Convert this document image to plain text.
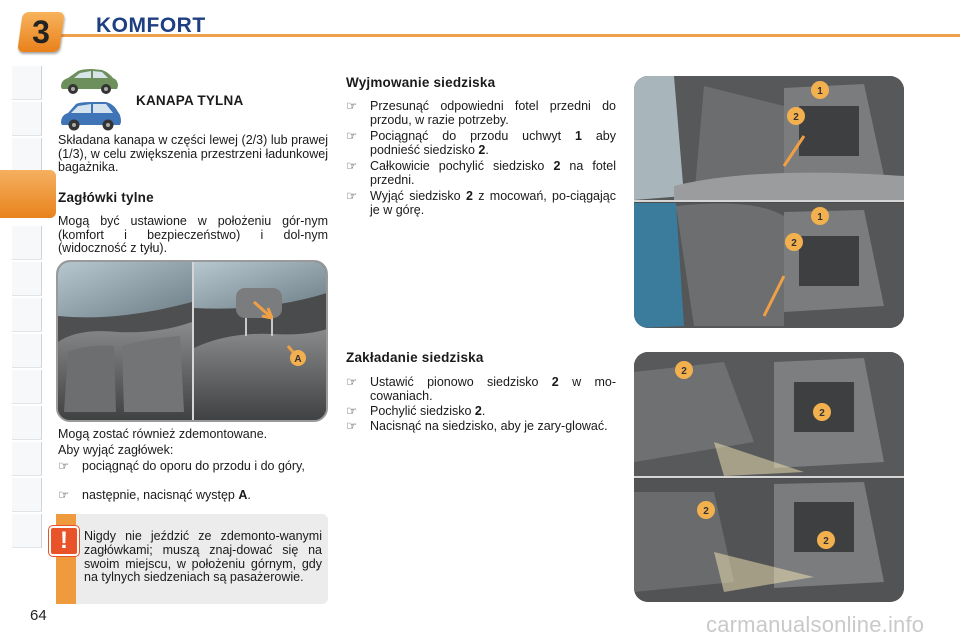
3	KOMFORT
KANAPA TYLNA
Składana kanapa w części lewej (2/3) lub prawej (1/3), w celu zwiększenia przestrzeni ładunkowej bagażnika.
Zagłówki tylne
Mogą być ustawione w położeniu gór-nym (komfort i bezpieczeństwo) i dol-nym (widoczność z tyłu).
A
Mogą zostać również zdemontowane.
Aby wyjąć zagłówek:
☞ pociągnąć do oporu do przodu i do góry,
☞ następnie, nacisnąć występ A.
!	Nigdy nie jeździć ze zdemonto-wanymi zagłówkami; muszą znaj-dować się na swoim miejscu, w położeniu górnym, gdy na tylnych siedzeniach są pasażerowie.
Wyjmowanie siedziska
☞ Przesunąć odpowiedni fotel przedni do przodu, w razie potrzeby.
☞ Pociągnąć do przodu uchwyt 1 aby podnieść siedzisko 2.
☞ Całkowicie pochylić siedzisko 2 na fotel przedni.
☞ Wyjąć siedzisko 2 z mocowań, po-ciągając je w górę.
Zakładanie siedziska
☞ Ustawić pionowo siedzisko 2 w mo-cowaniach.
☞ Pochylić siedzisko 2.
☞ Nacisnąć na siedzisko, aby je zary-glować.
1
2
1
2
2
2
2
2
64	carmanualsonline.info
